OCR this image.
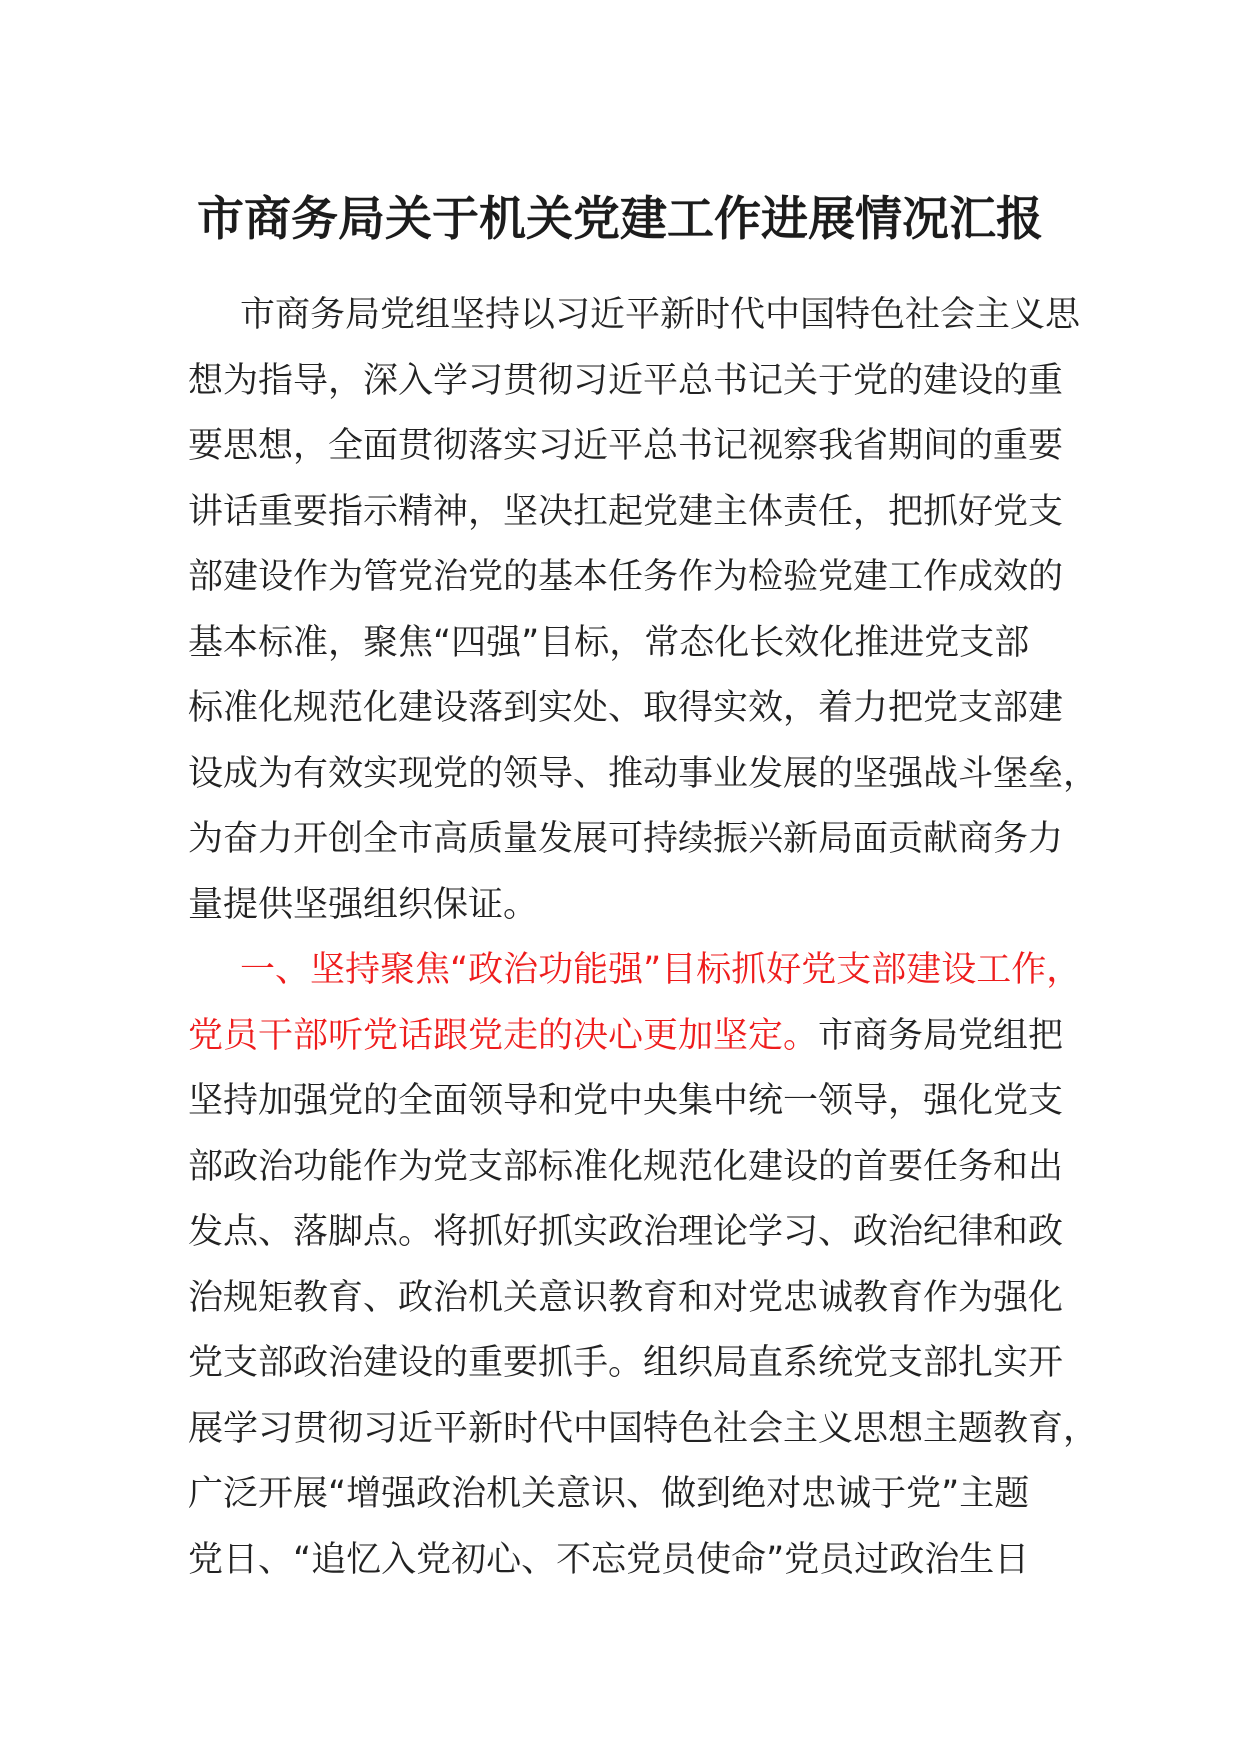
市商务局关于机关党建工作进展情况汇报
市商务局党组坚持以习近平新时代中国特色社会主义思
想为指导，深入学习贯彻习近平总书记关于党的建设的重
要思想，全面贯彻落实习近平总书记视察我省期间的重要
讲话重要指示精神，坚决扛起党建主体责任，把抓好党支
部建设作为管党治党的基本任务作为检验党建工作成效的
基本标准，聚焦“四强”目标，常态化长效化推进党支部
标准化规范化建设落到实处、取得实效，着力把党支部建
设成为有效实现党的领导、推动事业发展的坚强战斗堡垒，
为奋力开创全市高质量发展可持续振兴新局面贡献商务力
量提供坚强组织保证。
一、坚持聚焦“政治功能强”目标抓好党支部建设工作，
党员干部听党话跟党走的决心更加坚定。市商务局党组把
坚持加强党的全面领导和党中央集中统一领导，强化党支
部政治功能作为党支部标准化规范化建设的首要任务和出
发点、落脚点。将抓好抓实政治理论学习、政治纪律和政
治规矩教育、政治机关意识教育和对党忠诚教育作为强化
党支部政治建设的重要抓手。组织局直系统党支部扎实开
展学习贯彻习近平新时代中国特色社会主义思想主题教育，
广泛开展“增强政治机关意识、做到绝对忠诚于党”主题
党日、“追忆入党初心、不忘党员使命”党员过政治生日
